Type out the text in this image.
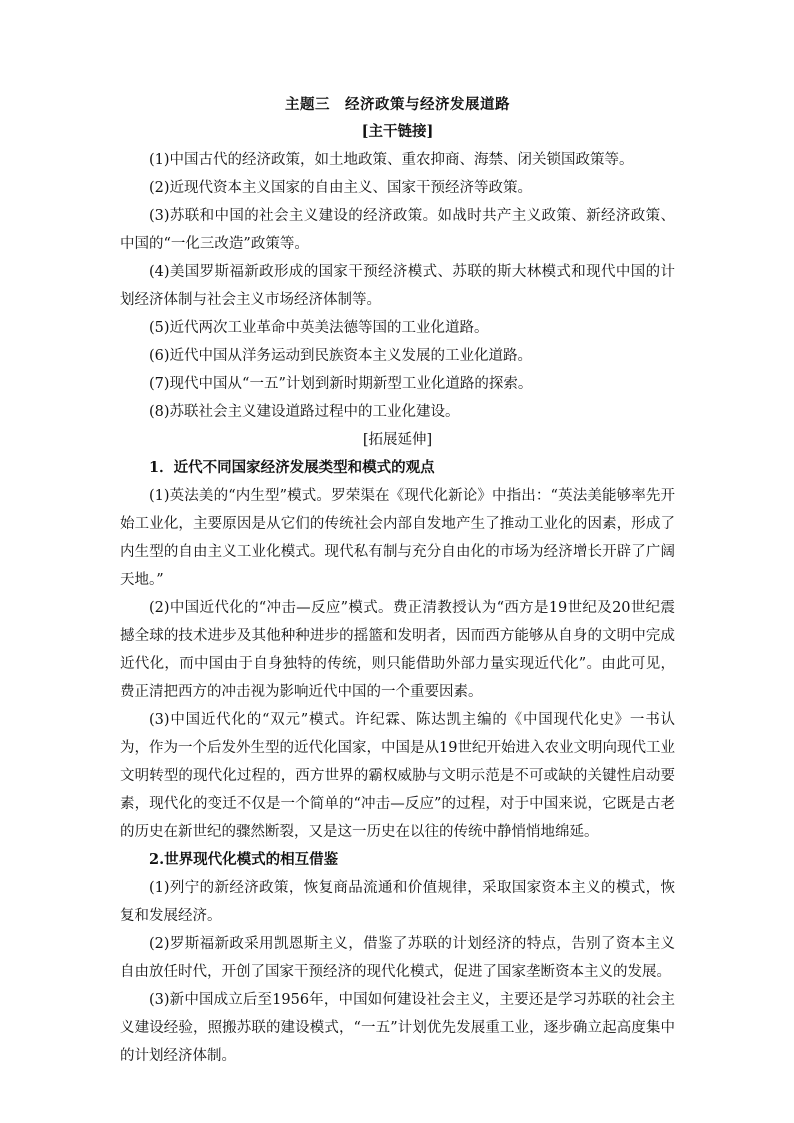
主题三　经济政策与经济发展道路
[主干链接]

(1)中国古代的经济政策，如土地政策、重农抑商、海禁、闭关锁国政策等。

(2)近现代资本主义国家的自由主义、国家干预经济等政策。

(3)苏联和中国的社会主义建设的经济政策。如战时共产主义政策、新经济政策、中国的“一化三改造”政策等。

(4)美国罗斯福新政形成的国家干预经济模式、苏联的斯大林模式和现代中国的计划经济体制与社会主义市场经济体制等。

(5)近代两次工业革命中英美法德等国的工业化道路。

(6)近代中国从洋务运动到民族资本主义发展的工业化道路。

(7)现代中国从“一五”计划到新时期新型工业化道路的探索。

(8)苏联社会主义建设道路过程中的工业化建设。

[拓展延伸]

1．近代不同国家经济发展类型和模式的观点

(1)英法美的“内生型”模式。罗荣渠在《现代化新论》中指出：“英法美能够率先开始工业化，主要原因是从它们的传统社会内部自发地产生了推动工业化的因素，形成了内生型的自由主义工业化模式。现代私有制与充分自由化的市场为经济增长开辟了广阔天地。”

(2)中国近代化的“冲击—反应”模式。费正清教授认为“西方是19世纪及20世纪震撼全球的技术进步及其他种种进步的摇篮和发明者，因而西方能够从自身的文明中完成近代化，而中国由于自身独特的传统，则只能借助外部力量实现近代化”。由此可见，费正清把西方的冲击视为影响近代中国的一个重要因素。

(3)中国近代化的“双元”模式。许纪霖、陈达凯主编的《中国现代化史》一书认为，作为一个后发外生型的近代化国家，中国是从19世纪开始进入农业文明向现代工业文明转型的现代化过程的，西方世界的霸权威胁与文明示范是不可或缺的关键性启动要素，现代化的变迁不仅是一个简单的“冲击—反应”的过程，对于中国来说，它既是古老的历史在新世纪的骤然断裂，又是这一历史在以往的传统中静悄悄地绵延。

2.世界现代化模式的相互借鉴

(1)列宁的新经济政策，恢复商品流通和价值规律，采取国家资本主义的模式，恢复和发展经济。

(2)罗斯福新政采用凯恩斯主义，借鉴了苏联的计划经济的特点，告别了资本主义自由放任时代，开创了国家干预经济的现代化模式，促进了国家垄断资本主义的发展。

(3)新中国成立后至1956年，中国如何建设社会主义，主要还是学习苏联的社会主义建设经验，照搬苏联的建设模式，“一五”计划优先发展重工业，逐步确立起高度集中的计划经济体制。
